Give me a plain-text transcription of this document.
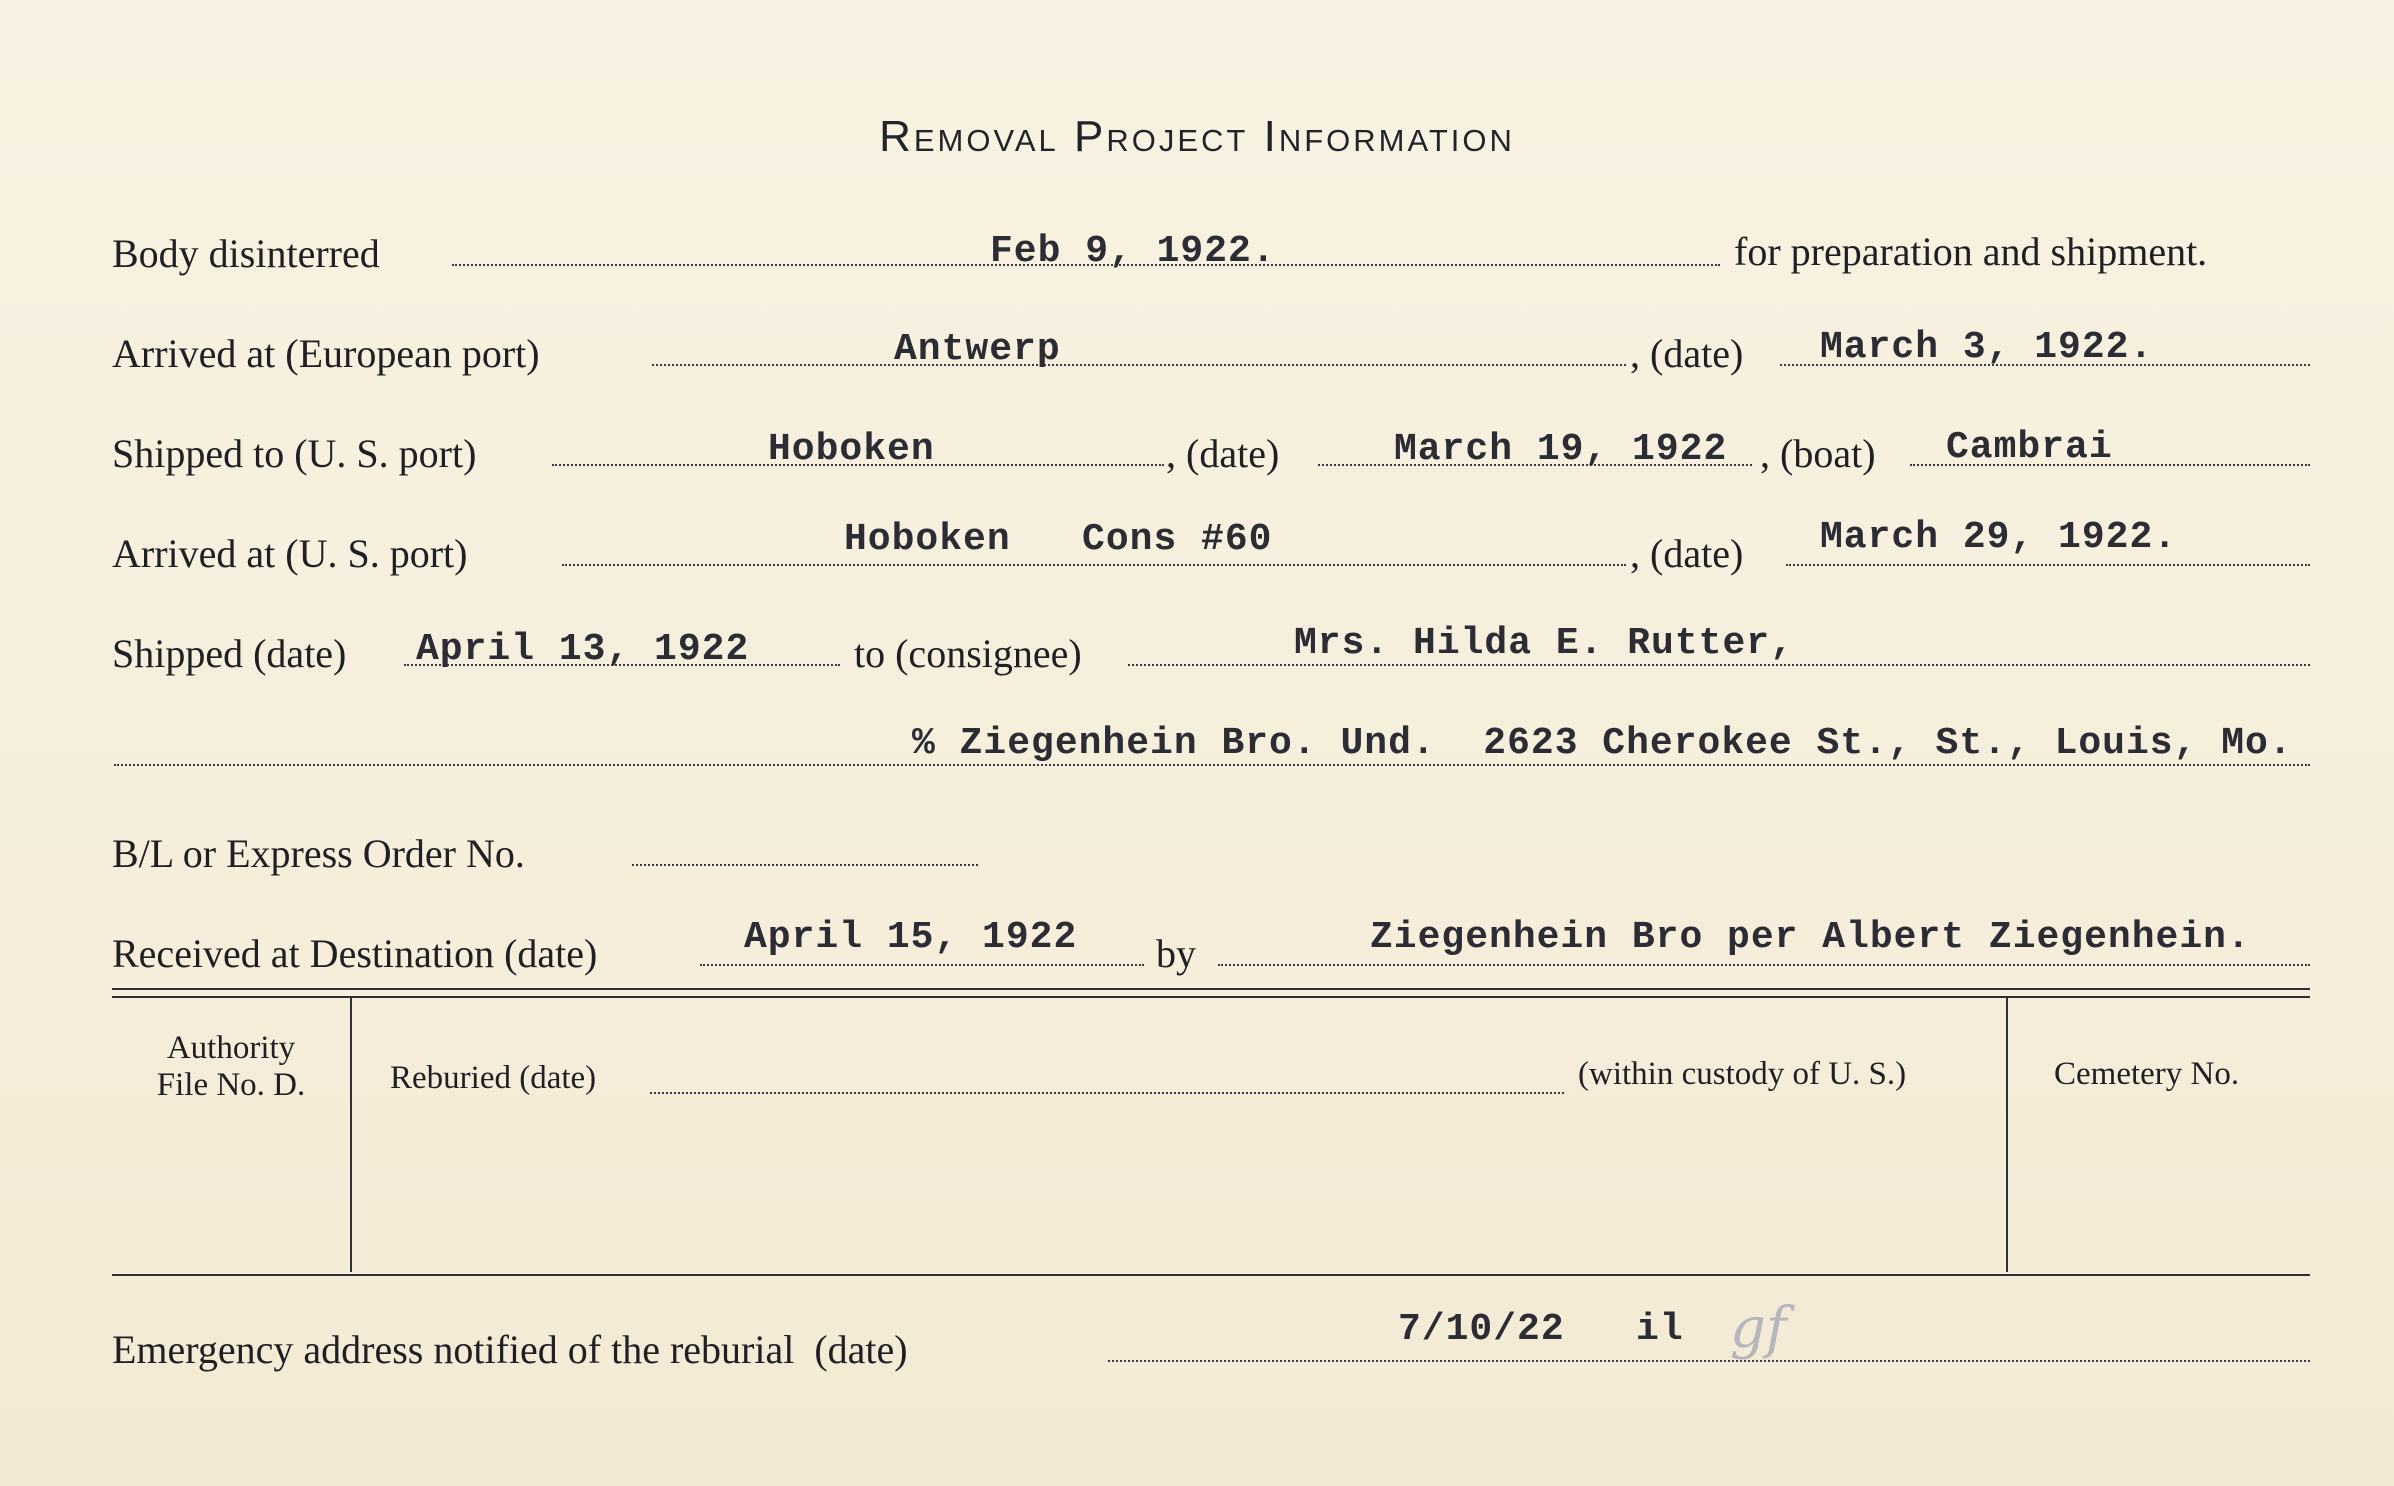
Removal Project Information
Body disinterred	Feb 9, 1922.	for preparation and shipment.
Arrived at (European port)	Antwerp	, (date) March 3, 1922.
Shipped to (U. S. port)	Hoboken	, (date)	March 19, 1922 , (boat) Cambrai
Arrived at (U. S. port)	Hoboken   Cons #60	, (date) March 29, 1922.
Shipped (date) April 13, 1922	to (consignee)	Mrs. Hilda E. Rutter,
% Ziegenhein Bro. Und.  2623 Cherokee St., St., Louis, Mo.
B/L or Express Order No.
Received at Destination (date)	April 15, 1922 by	Ziegenhein Bro per Albert Ziegenhein.
Authority
File No. D.	Reburied (date)	(within custody of U. S.)	Cemetery No.
Emergency address notified of the reburial  (date)	7/10/22   il gf
